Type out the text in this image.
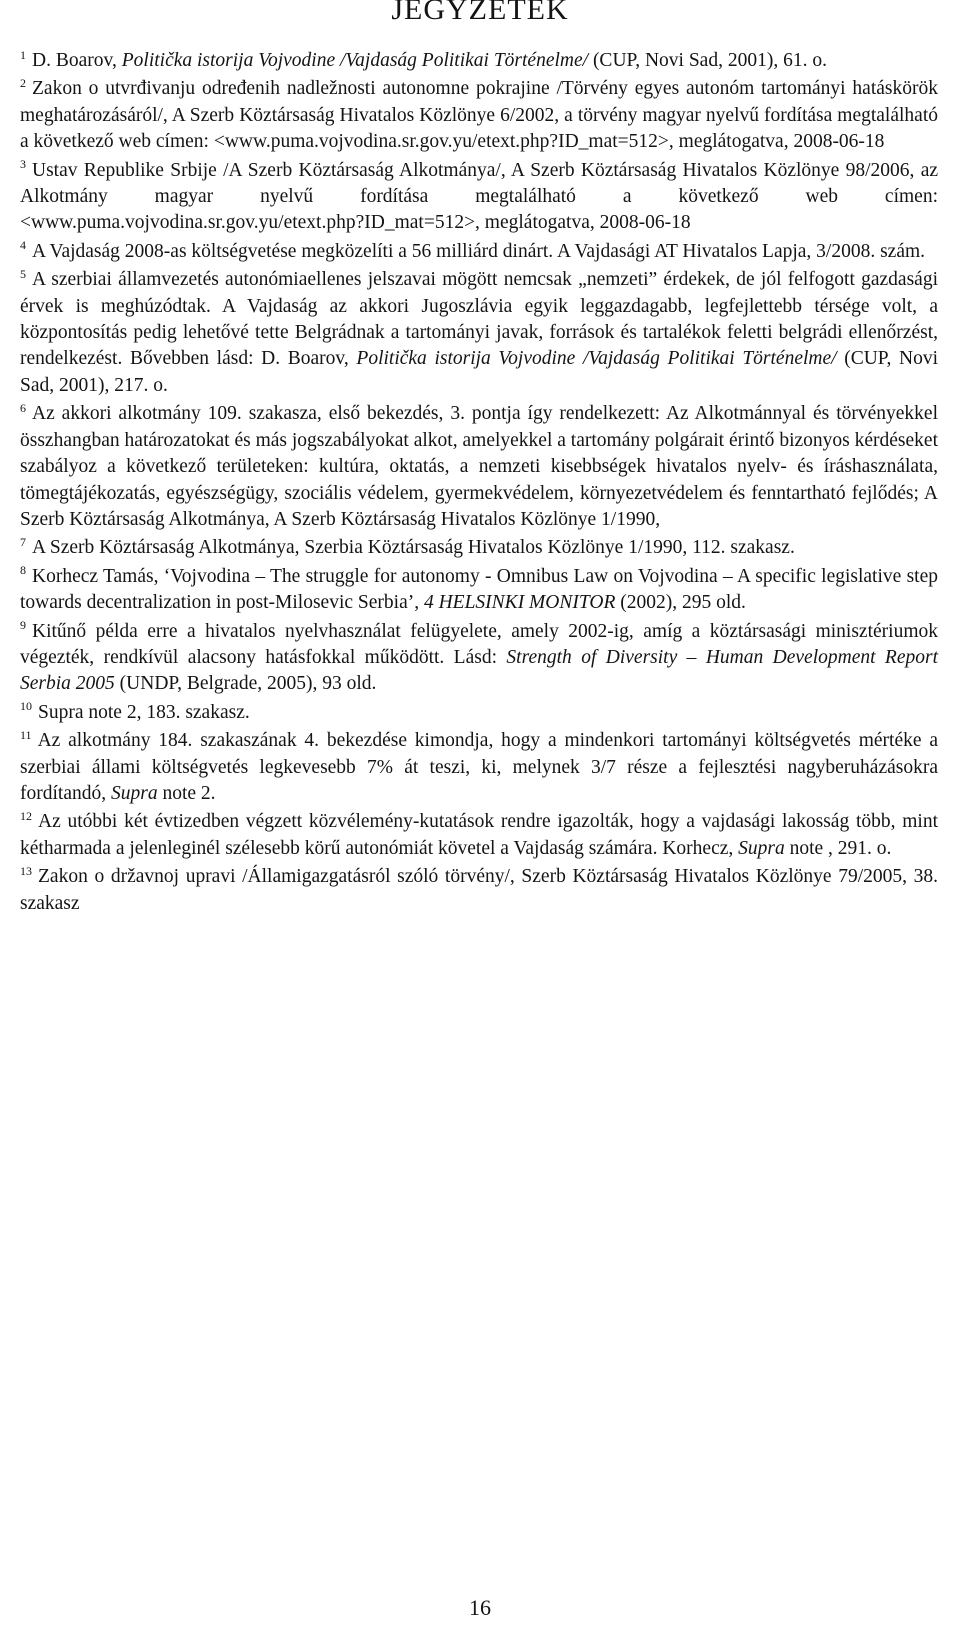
JEGYZETEK

$^1$ D. Boarov, Politička istorija Vojvodine /Vajdaság Politikai Történelme/ (CUP, Novi Sad, 2001), 61. o.

$^2$ Zakon o utvrđivanju određenih nadležnosti autonomne pokrajine /Törvény egyes autonóm tartományi hatáskörök meghatározásáról/, A Szerb Köztársaság Hivatalos Közlönye 6/2002, a törvény magyar nyelvű fordítása megtalálható a következő web címen: <www.puma.vojvodina.sr.gov.yu/etext.php?ID_mat=512>, meglátogatva, 2008-06-18

$^3$ Ustav Republike Srbije /A Szerb Köztársaság Alkotmánya/, A Szerb Köztársaság Hivatalos Közlönye 98/2006, az Alkotmány magyar nyelvű fordítása megtalálható a következő web címen: <www.puma.vojvodina.sr.gov.yu/etext.php?ID_mat=512>, meglátogatva, 2008-06-18

$^4$ A Vajdaság 2008-as költségvetése megközelíti a 56 milliárd dinárt. A Vajdasági AT Hivatalos Lapja, 3/2008. szám.

$^5$ A szerbiai államvezetés autonómiaellenes jelszavai mögött nemcsak „nemzeti” érdekek, de jól felfogott gazdasági érvek is meghúzódtak. A Vajdaság az akkori Jugoszlávia egyik leggazdagabb, legfejlettebb térsége volt, a központosítás pedig lehetővé tette Belgrádnak a tartományi javak, források és tartalékok feletti belgrádi ellenőrzést, rendelkezést. Bővebben lásd: D. Boarov, Politička istorija Vojvodine /Vajdaság Politikai Történelme/ (CUP, Novi Sad, 2001), 217. o.

$^6$ Az akkori alkotmány 109. szakasza, első bekezdés, 3. pontja így rendelkezett: Az Alkotmánnyal és törvényekkel összhangban határozatokat és más jogszabályokat alkot, amelyekkel a tartomány polgárait érintő bizonyos kérdéseket szabályoz a következő területeken: kultúra, oktatás, a nemzeti kisebbségek hivatalos nyelv- és íráshasználata, tömegtájékozatás, egyészségügy, szociális védelem, gyermekvédelem, környezetvédelem és fenntartható fejlődés; A Szerb Köztársaság Alkotmánya, A Szerb Köztársaság Hivatalos Közlönye 1/1990,

$^7$ A Szerb Köztársaság Alkotmánya, Szerbia Köztársaság Hivatalos Közlönye 1/1990, 112. szakasz.

$^8$ Korhecz Tamás, ‘Vojvodina – The struggle for autonomy - Omnibus Law on Vojvodina – A specific legislative step towards decentralization in post-Milosevic Serbia’, 4 HELSINKI MONITOR (2002), 295 old.

$^9$ Kitűnő példa erre a hivatalos nyelvhasználat felügyelete, amely 2002-ig, amíg a köztársasági minisztériumok végezték, rendkívül alacsony hatásfokkal működött. Lásd: Strength of Diversity – Human Development Report Serbia 2005 (UNDP, Belgrade, 2005), 93 old.

$^{10}$ Supra note 2, 183. szakasz.

$^{11}$ Az alkotmány 184. szakaszának 4. bekezdése kimondja, hogy a mindenkori tartományi költségvetés mértéke a szerbiai állami költségvetés legkevesebb 7% át teszi, ki, melynek 3/7 része a fejlesztési nagyberuházásokra fordítandó, Supra note 2.

$^{12}$ Az utóbbi két évtizedben végzett közvélemény-kutatások rendre igazolták, hogy a vajdasági lakosság több, mint kétharmada a jelenleginél szélesebb körű autonómiát követel a Vajdaság számára. Korhecz, Supra note , 291. o.

$^{13}$ Zakon o državnoj upravi /Államigazgatásról szóló törvény/, Szerb Köztársaság Hivatalos Közlönye 79/2005, 38. szakasz

16
